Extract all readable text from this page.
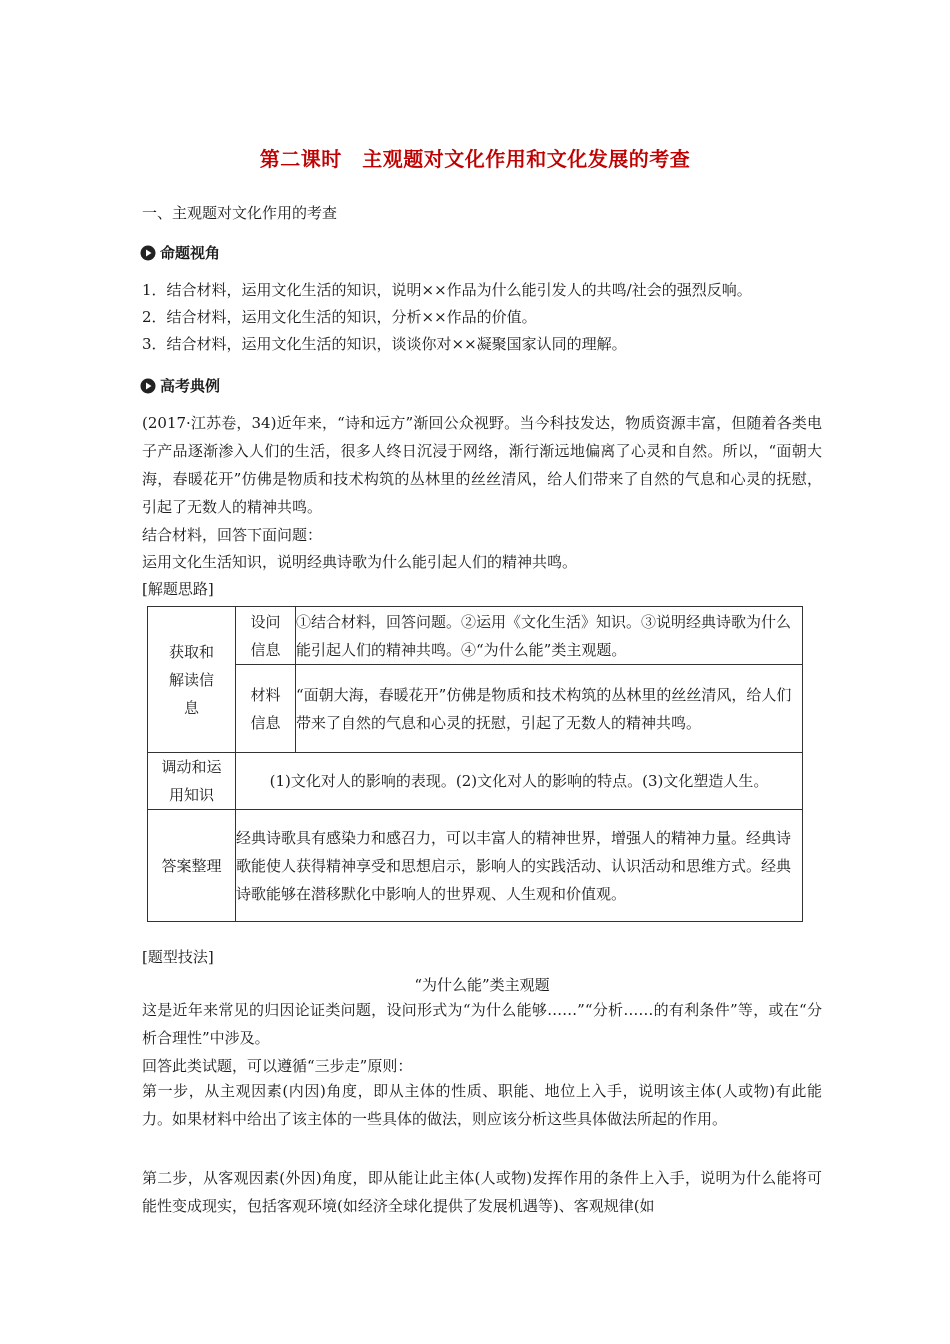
第二课时　主观题对文化作用和文化发展的考查
一、主观题对文化作用的考查
命题视角
1．结合材料，运用文化生活的知识，说明××作品为什么能引发人的共鸣/社会的强烈反响。
2．结合材料，运用文化生活的知识，分析××作品的价值。
3．结合材料，运用文化生活的知识，谈谈你对××凝聚国家认同的理解。
高考典例
(2017·江苏卷，34)近年来，“诗和远方”渐回公众视野。当今科技发达，物质资源丰富，但随着各类电子产品逐渐渗入人们的生活，很多人终日沉浸于网络，渐行渐远地偏离了心灵和自然。所以，“面朝大海，春暖花开”仿佛是物质和技术构筑的丛林里的丝丝清风，给人们带来了自然的气息和心灵的抚慰，引起了无数人的精神共鸣。
结合材料，回答下面问题：
运用文化生活知识，说明经典诗歌为什么能引起人们的精神共鸣。
[解题思路]
获取和解读信息	设问信息	①结合材料，回答问题。②运用《文化生活》知识。③说明经典诗歌为什么能引起人们的精神共鸣。④“为什么能”类主观题。
	材料信息	“面朝大海，春暖花开”仿佛是物质和技术构筑的丛林里的丝丝清风，给人们带来了自然的气息和心灵的抚慰，引起了无数人的精神共鸣。
调动和运用知识	(1)文化对人的影响的表现。(2)文化对人的影响的特点。(3)文化塑造人生。	
答案整理	经典诗歌具有感染力和感召力，可以丰富人的精神世界，增强人的精神力量。经典诗歌能使人获得精神享受和思想启示，影响人的实践活动、认识活动和思维方式。经典诗歌能够在潜移默化中影响人的世界观、人生观和价值观。	
[题型技法]
“为什么能”类主观题
这是近年来常见的归因论证类问题，设问形式为“为什么能够……”“分析……的有利条件”等，或在“分析合理性”中涉及。
回答此类试题，可以遵循“三步走”原则：
第一步，从主观因素(内因)角度，即从主体的性质、职能、地位上入手，说明该主体(人或物)有此能力。如果材料中给出了该主体的一些具体的做法，则应该分析这些具体做法所起的作用。
第二步，从客观因素(外因)角度，即从能让此主体(人或物)发挥作用的条件上入手，说明为什么能将可能性变成现实，包括客观环境(如经济全球化提供了发展机遇等)、客观规律(如
